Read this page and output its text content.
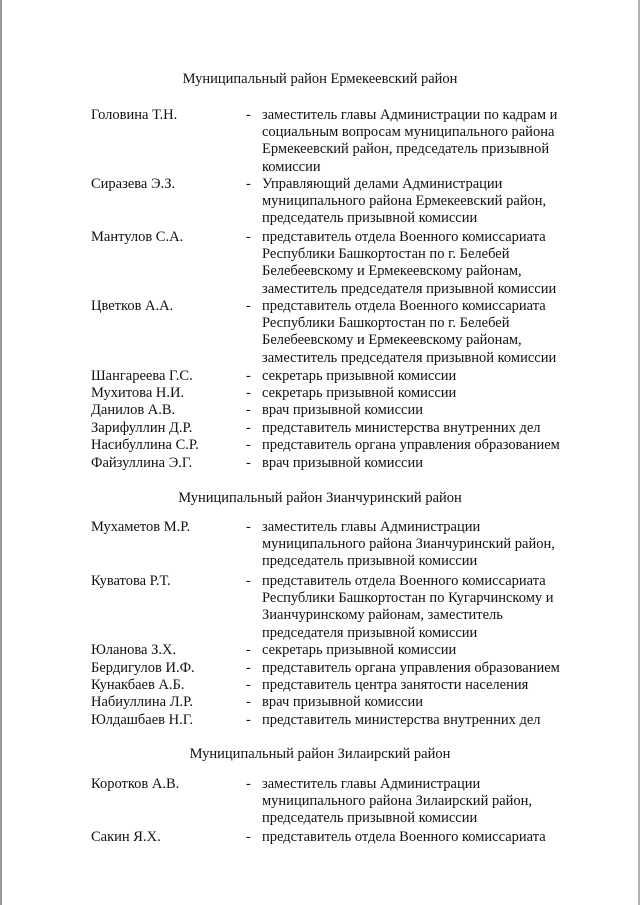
Муниципальный район Ермекеевский район
Головина Т.Н.	- заместитель главы Администрации по кадрам и
социальным вопросам муниципального района
Ермекеевский район, председатель призывной
комиссии
Сиразева Э.З.	- Управляющий делами Администрации
муниципального района Ермекеевский район,
председатель призывной комиссии
Мантулов С.А.	- представитель отдела Военного комиссариата
Республики Башкортостан по г. Белебей
Белебеевскому и Ермекеевскому районам,
заместитель председателя призывной комиссии
Цветков А.А.	- представитель отдела Военного комиссариата
Республики Башкортостан по г. Белебей
Белебеевскому и Ермекеевскому районам,
заместитель председателя призывной комиссии
Шангареева Г.С.	- секретарь призывной комиссии
Мухитова Н.И.	- секретарь призывной комиссии
Данилов А.В.	- врач призывной комиссии
Зарифуллин Д.Р.	- представитель министерства внутренних дел
Насибуллина С.Р.	- представитель органа управления образованием
Файзуллина Э.Г.	- врач призывной комиссии
Муниципальный район Зианчуринский район
Мухаметов М.Р.	- заместитель главы Администрации
муниципального района Зианчуринский район,
председатель призывной комиссии
Куватова Р.Т.	- представитель отдела Военного комиссариата
Республики Башкортостан по Кугарчинскому и
Зианчуринскому районам, заместитель
председателя призывной комиссии
Юланова З.Х.	- секретарь призывной комиссии
Бердигулов И.Ф.	- представитель органа управления образованием
Кунакбаев А.Б.	- представитель центра занятости населения
Набиуллина Л.Р.	- врач призывной комиссии
Юлдашбаев Н.Г.	- представитель министерства внутренних дел
Муниципальный район Зилаирский район
Коротков А.В.	- заместитель главы Администрации
муниципального района Зилаирский район,
председатель призывной комиссии
Сакин Я.Х.	- представитель отдела Военного комиссариата
